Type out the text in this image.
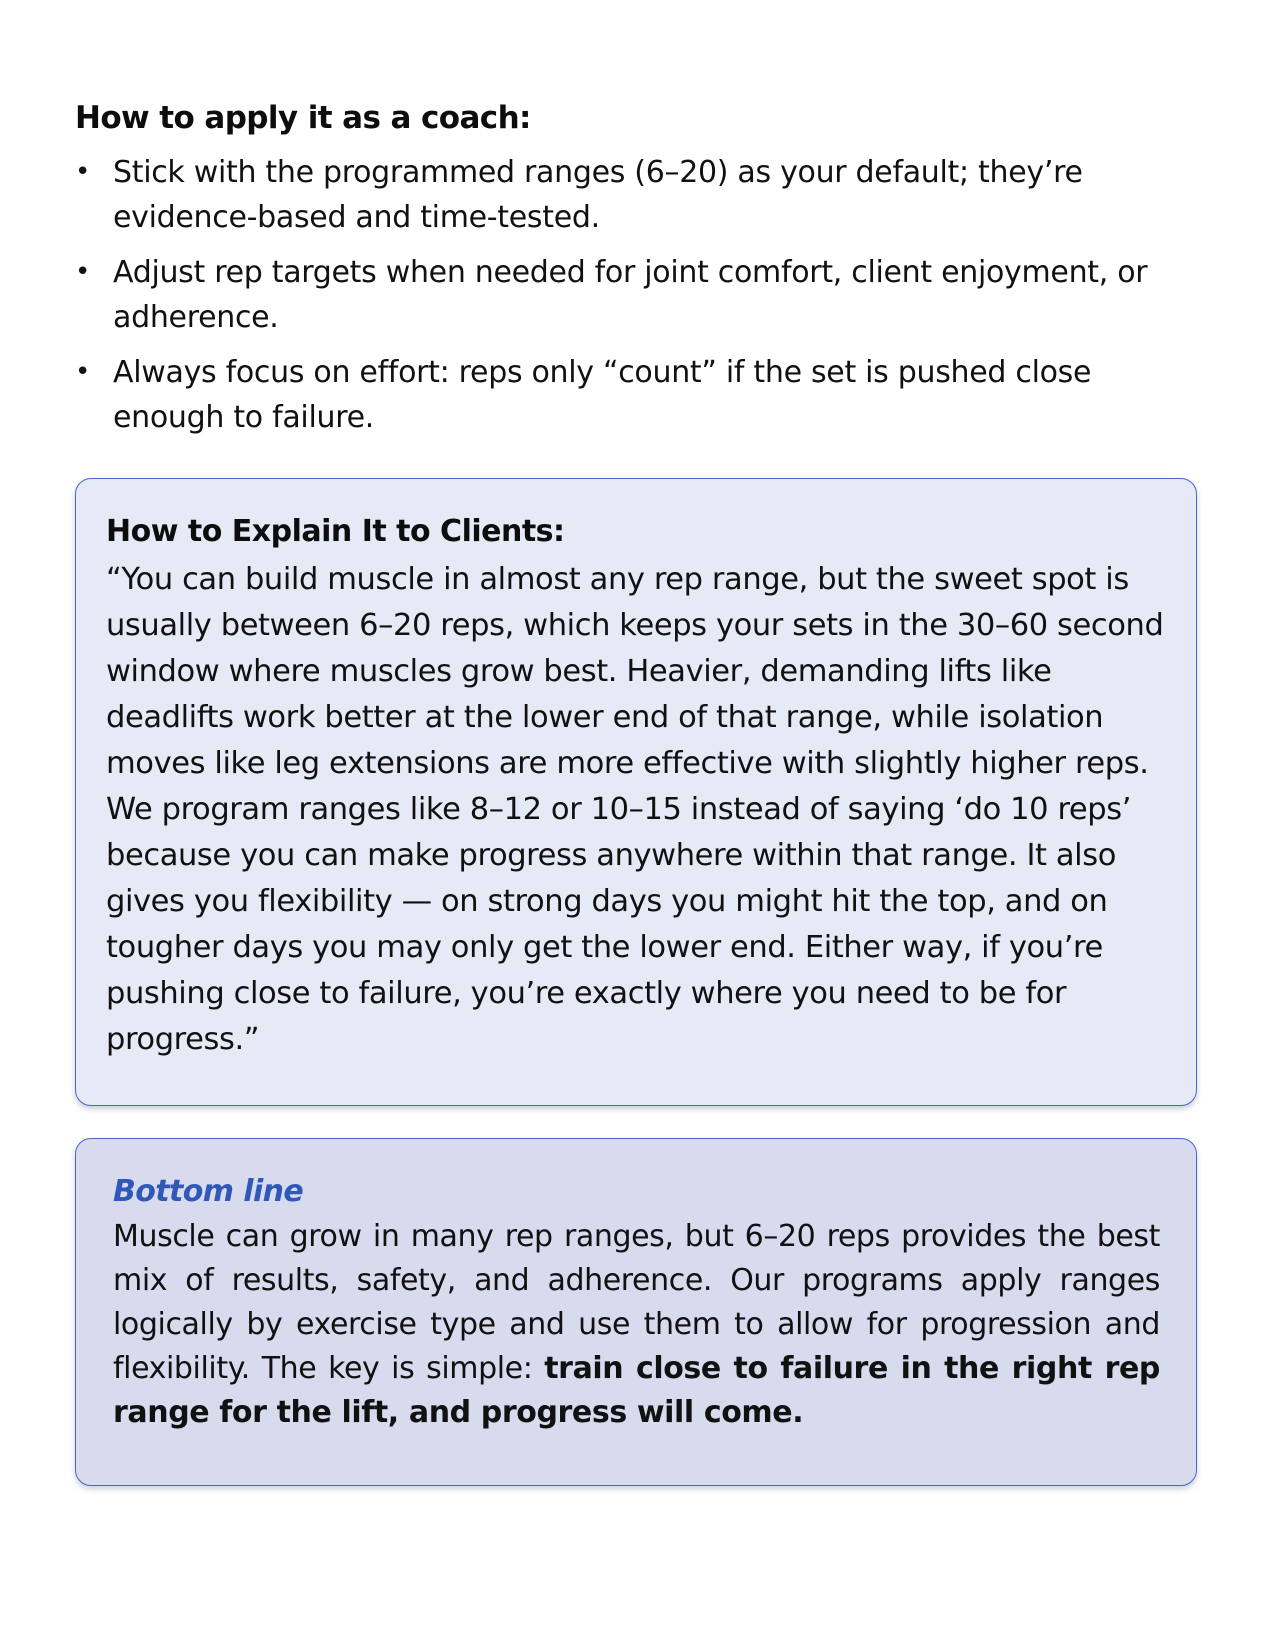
How to apply it as a coach:
• Stick with the programmed ranges (6–20) as your default; they’re evidence-based and time-tested.
• Adjust rep targets when needed for joint comfort, client enjoyment, or adherence.
• Always focus on effort: reps only “count” if the set is pushed close enough to failure.
How to Explain It to Clients:

“You can build muscle in almost any rep range, but the sweet spot is usually between 6–20 reps, which keeps your sets in the 30–60 second window where muscles grow best. Heavier, demanding lifts like deadlifts work better at the lower end of that range, while isolation moves like leg extensions are more effective with slightly higher reps. We program ranges like 8–12 or 10–15 instead of saying ‘do 10 reps’ because you can make progress anywhere within that range. It also gives you flexibility — on strong days you might hit the top, and on tougher days you may only get the lower end. Either way, if you’re pushing close to failure, you’re exactly where you need to be for progress.”

Bottom line

Muscle can grow in many rep ranges, but 6–20 reps provides the best mix of results, safety, and adherence. Our programs apply ranges logically by exercise type and use them to allow for progression and flexibility. The key is simple: train close to failure in the right rep range for the lift, and progress will come.
